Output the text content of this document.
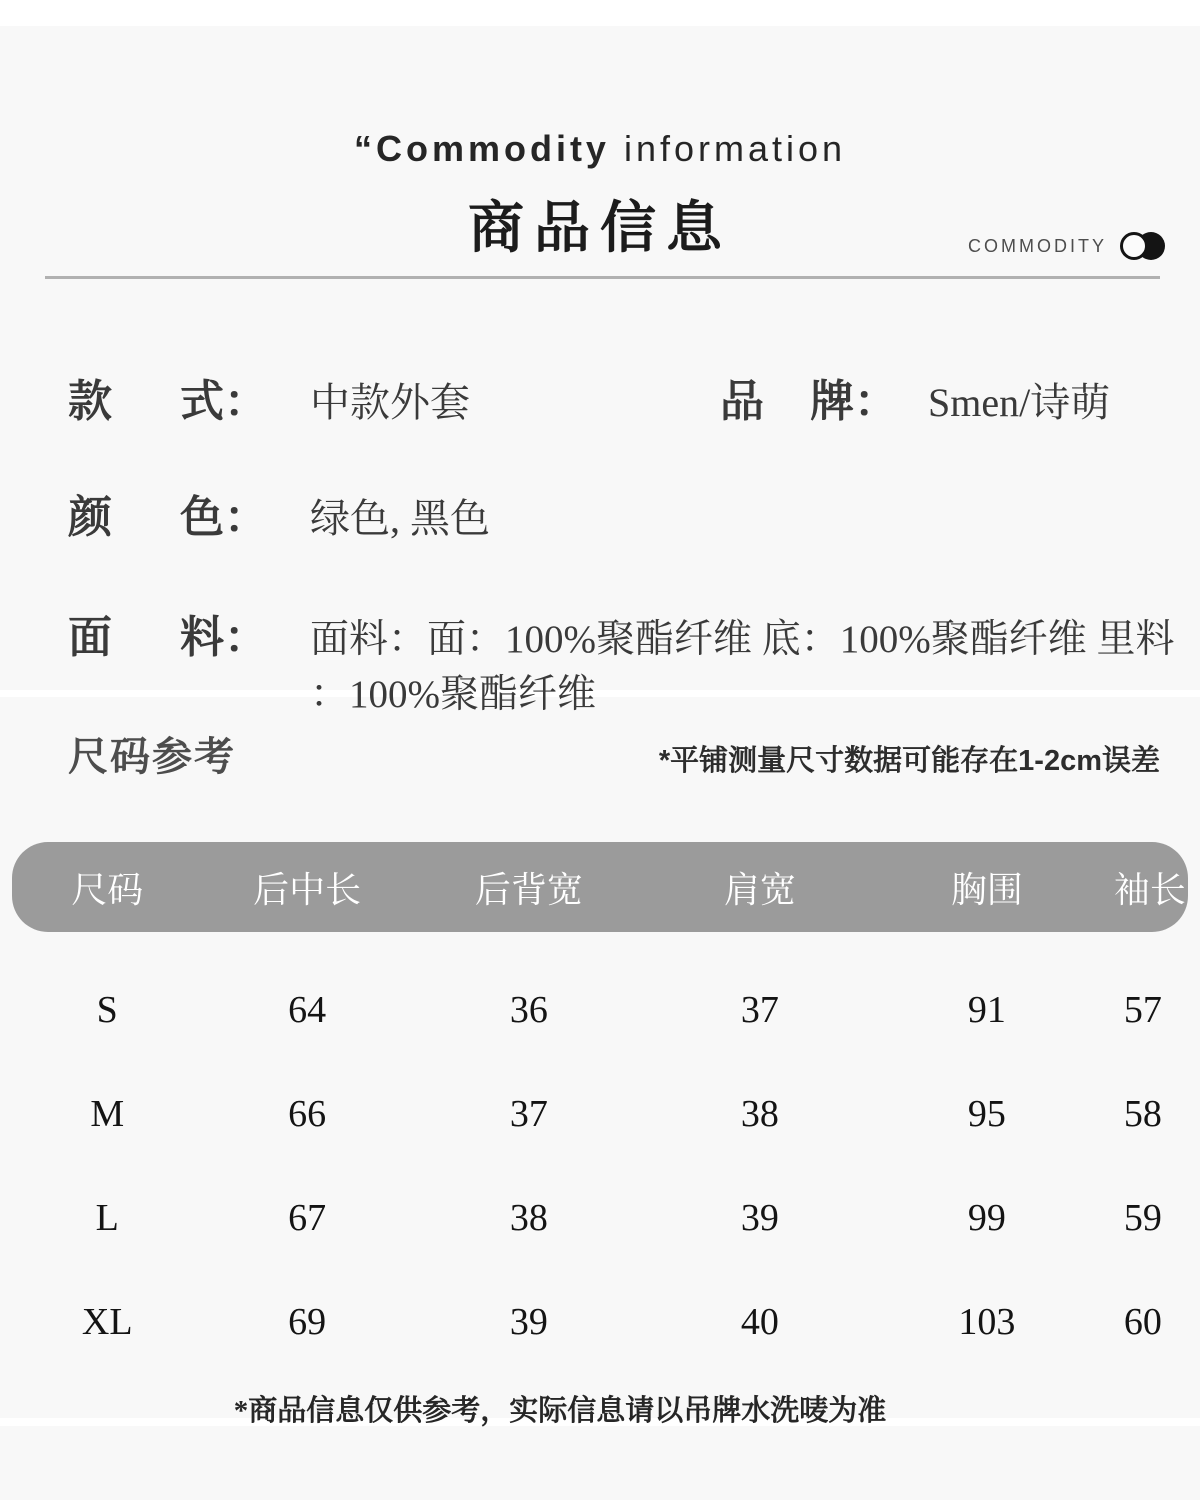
“Commodity information
商品信息	COMMODITY
款 式 ： 中款外套	品 牌 ： Smen/诗萌
颜 色 ： 绿色, 黑色
面 料 ： 面料：面：100%聚酯纤维 底：100%聚酯纤维 里料
：100%聚酯纤维
尺码参考	*平铺测量尺寸数据可能存在1-2cm误差
尺码	后中长	后背宽	肩宽	胸围	袖长
S	64	36	37	91	57
M	66	37	38	95	58
L	67	38	39	99	59
XL	69	39	40	103	60
*商品信息仅供参考，实际信息请以吊牌水洗唛为准
